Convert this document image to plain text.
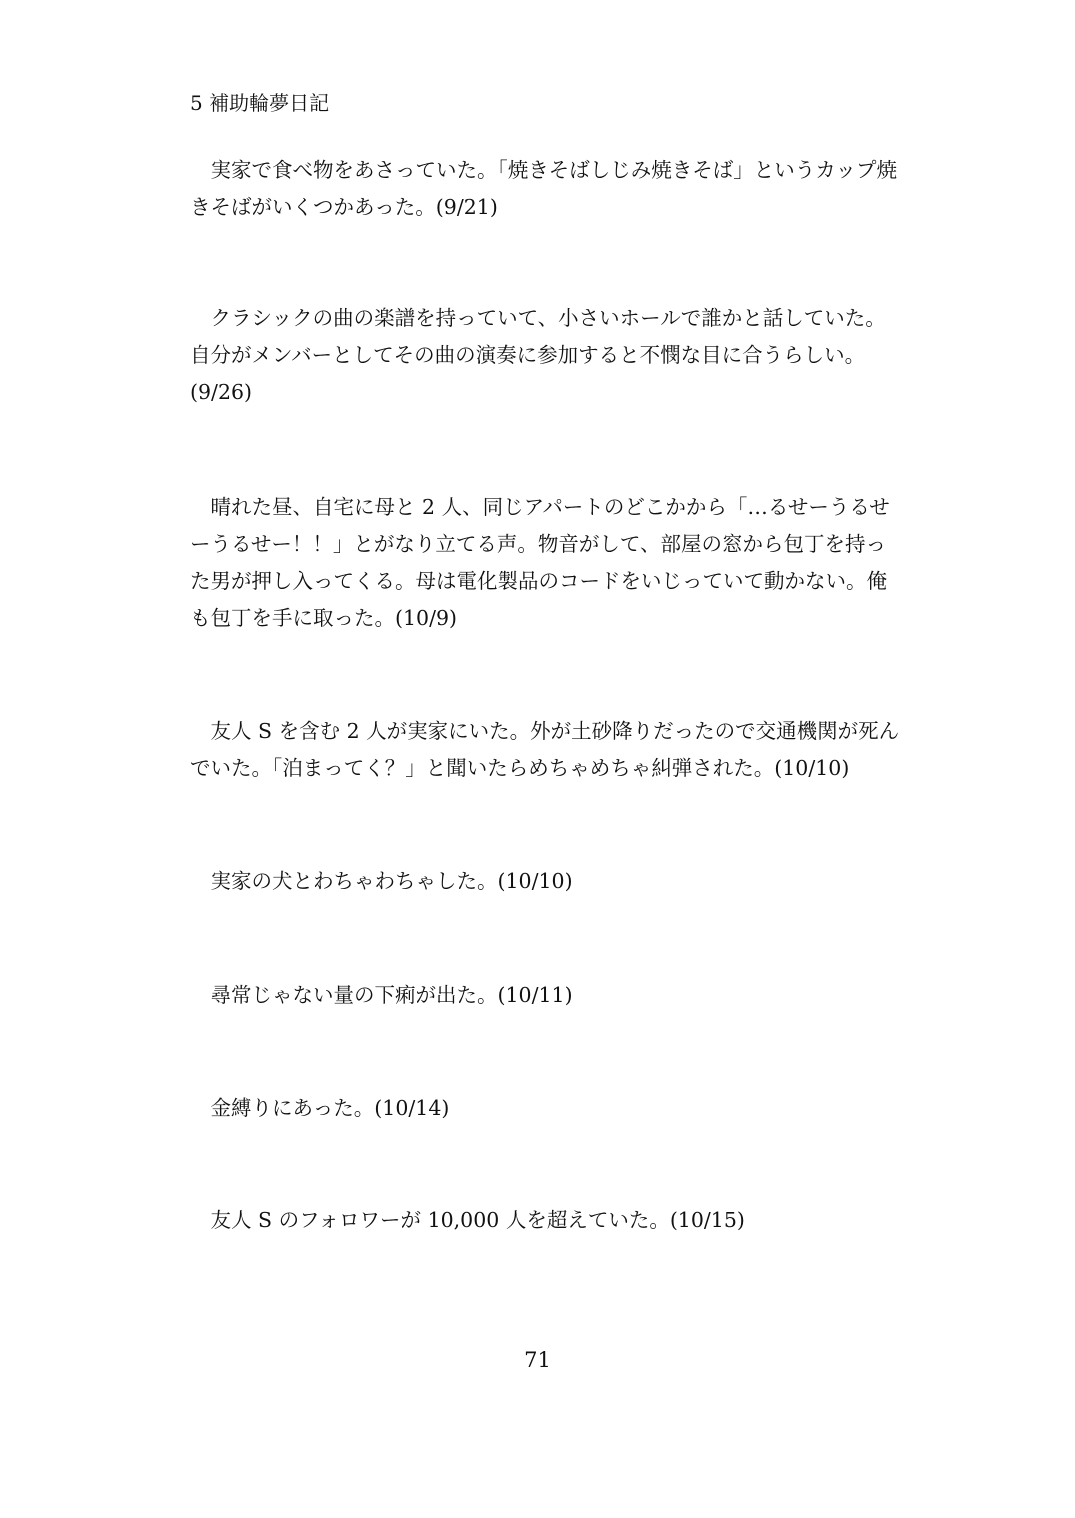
5 補助輪夢日記
　実家で食べ物をあさっていた。「焼きそばしじみ焼きそば」というカップ焼
きそばがいくつかあった。(9/21)
　クラシックの曲の楽譜を持っていて、小さいホールで誰かと話していた。
自分がメンバーとしてその曲の演奏に参加すると不憫な目に合うらしい。
(9/26)
　晴れた昼、自宅に母と 2 人、同じアパートのどこかから「…るせーうるせ
ーうるせー！！」とがなり立てる声。物音がして、部屋の窓から包丁を持っ
た男が押し入ってくる。母は電化製品のコードをいじっていて動かない。俺
も包丁を手に取った。(10/9)
　友人 S を含む 2 人が実家にいた。外が土砂降りだったので交通機関が死ん
でいた。「泊まってく？」と聞いたらめちゃめちゃ糾弾された。(10/10)
　実家の犬とわちゃわちゃした。(10/10)
　尋常じゃない量の下痢が出た。(10/11)
　金縛りにあった。(10/14)
　友人 S のフォロワーが 10,000 人を超えていた。(10/15)
71
